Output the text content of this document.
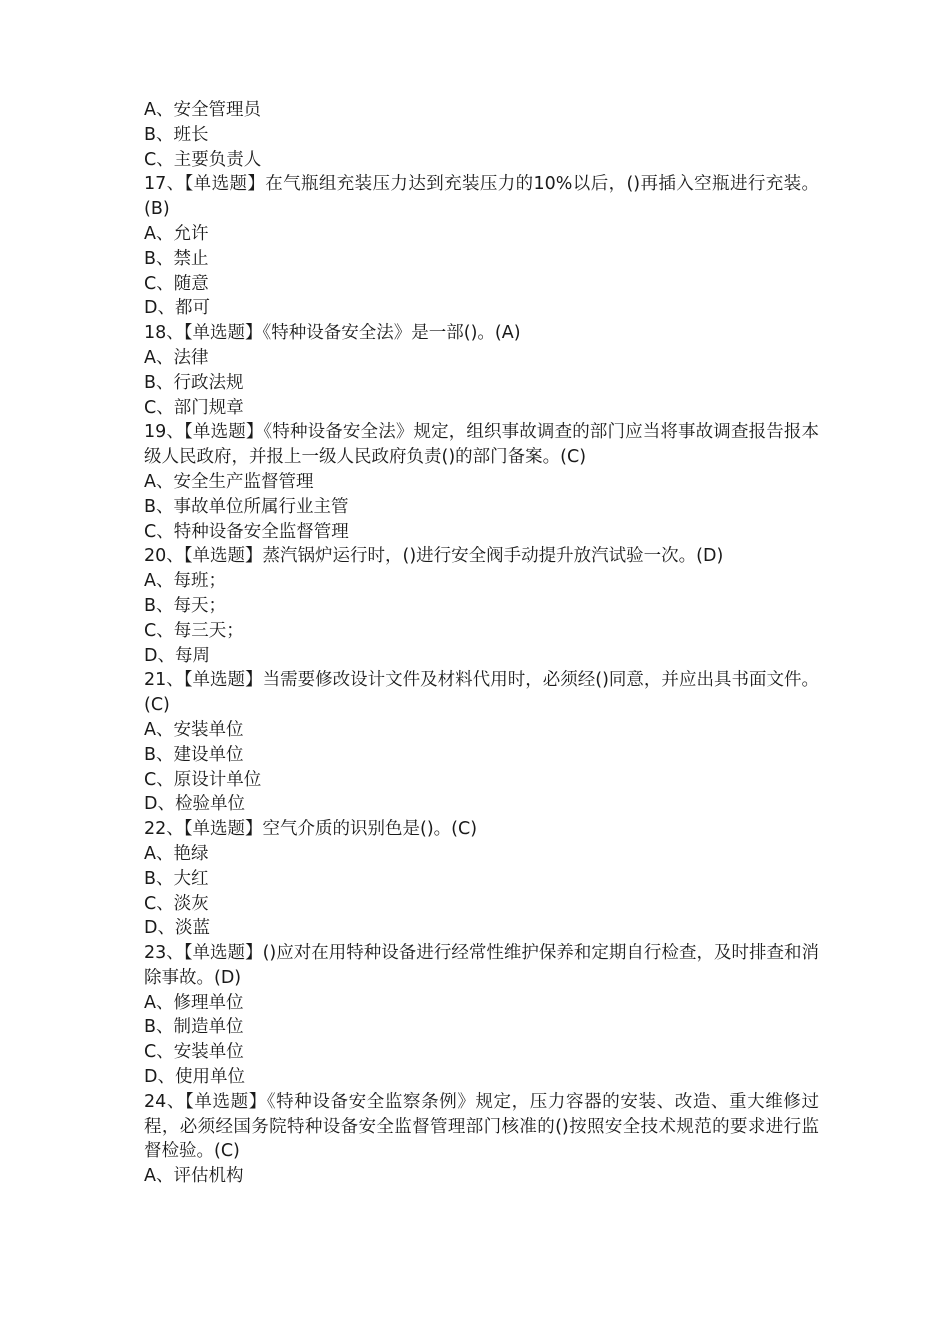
A、安全管理员
B、班长
C、主要负责人
17、【单选题】在气瓶组充装压力达到充装压力的10%以后，()再插入空瓶进行充装。(B)
A、允许
B、禁止
C、随意
D、都可
18、【单选题】《特种设备安全法》是一部()。(A)
A、法律
B、行政法规
C、部门规章
19、【单选题】《特种设备安全法》规定，组织事故调查的部门应当将事故调查报告报本级人民政府，并报上一级人民政府负责()的部门备案。(C)
A、安全生产监督管理
B、事故单位所属行业主管
C、特种设备安全监督管理
20、【单选题】蒸汽锅炉运行时，()进行安全阀手动提升放汽试验一次。(D)
A、每班；
B、每天；
C、每三天；
D、每周
21、【单选题】当需要修改设计文件及材料代用时，必须经()同意，并应出具书面文件。(C)
A、安装单位
B、建设单位
C、原设计单位
D、检验单位
22、【单选题】空气介质的识别色是()。(C)
A、艳绿
B、大红
C、淡灰
D、淡蓝
23、【单选题】()应对在用特种设备进行经常性维护保养和定期自行检查，及时排查和消除事故。(D)
A、修理单位
B、制造单位
C、安装单位
D、使用单位
24、【单选题】《特种设备安全监察条例》规定，压力容器的安装、改造、重大维修过程，必须经国务院特种设备安全监督管理部门核准的()按照安全技术规范的要求进行监督检验。(C)
A、评估机构
